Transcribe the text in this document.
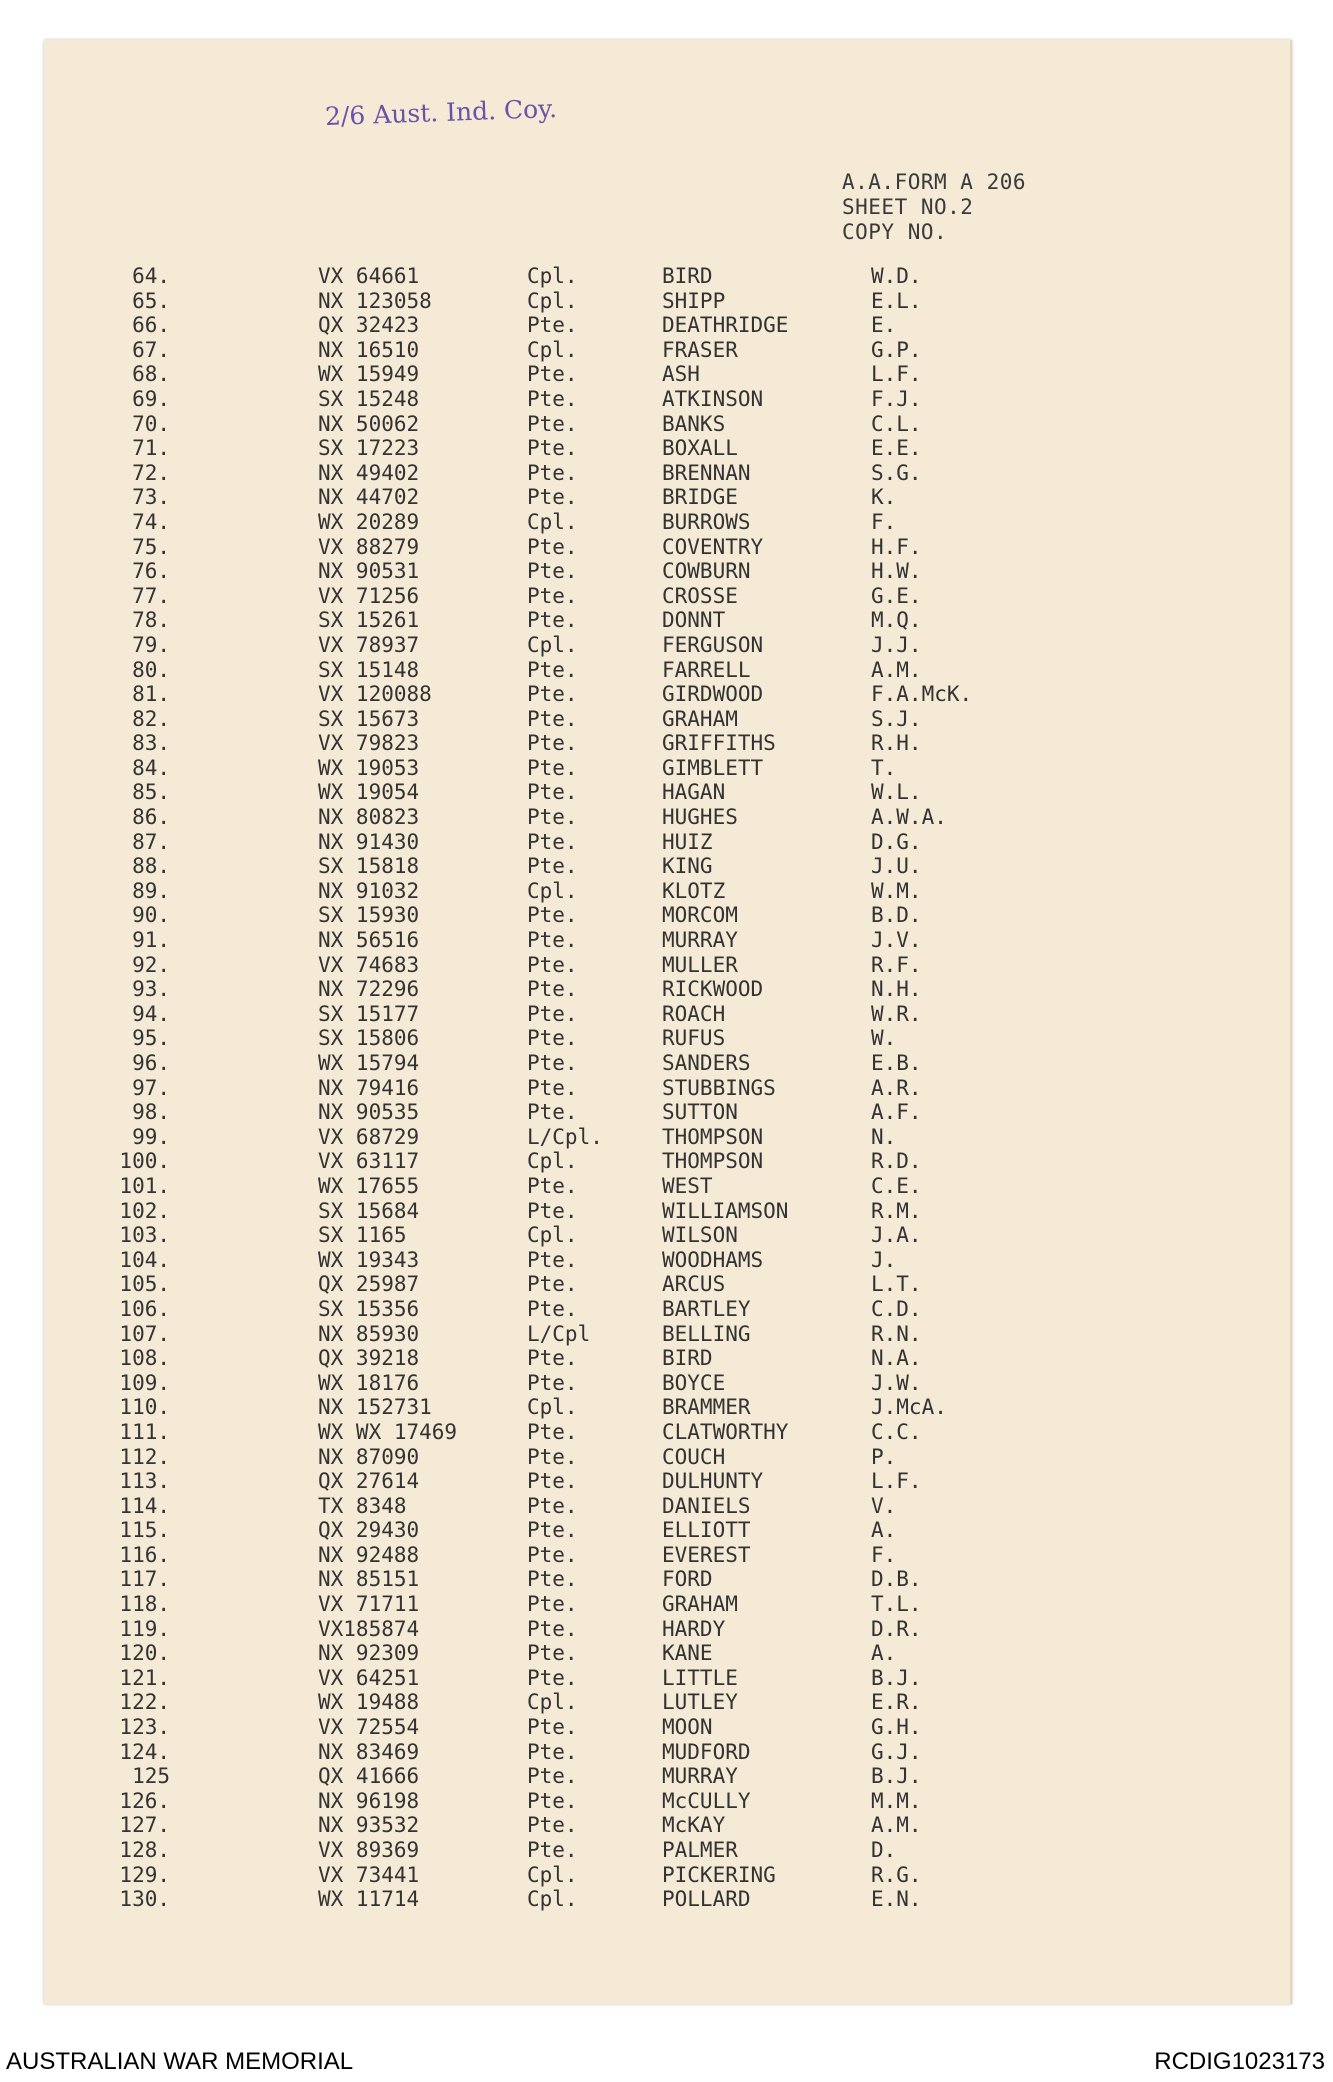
2/6 Aust. Ind. Coy.
A.A.FORM A 206
SHEET NO.2
COPY NO.
64.	VX 64661	Cpl.	BIRD	W.D.
65.	NX 123058	Cpl.	SHIPP	E.L.
66.	QX 32423	Pte.	DEATHRIDGE	E.
67.	NX 16510	Cpl.	FRASER	G.P.
68.	WX 15949	Pte.	ASH	L.F.
69.	SX 15248	Pte.	ATKINSON	F.J.
70.	NX 50062	Pte.	BANKS	C.L.
71.	SX 17223	Pte.	BOXALL	E.E.
72.	NX 49402	Pte.	BRENNAN	S.G.
73.	NX 44702	Pte.	BRIDGE	K.
74.	WX 20289	Cpl.	BURROWS	F.
75.	VX 88279	Pte.	COVENTRY	H.F.
76.	NX 90531	Pte.	COWBURN	H.W.
77.	VX 71256	Pte.	CROSSE	G.E.
78.	SX 15261	Pte.	DONNT	M.Q.
79.	VX 78937	Cpl.	FERGUSON	J.J.
80.	SX 15148	Pte.	FARRELL	A.M.
81.	VX 120088	Pte.	GIRDWOOD	F.A.McK.
82.	SX 15673	Pte.	GRAHAM	S.J.
83.	VX 79823	Pte.	GRIFFITHS	R.H.
84.	WX 19053	Pte.	GIMBLETT	T.
85.	WX 19054	Pte.	HAGAN	W.L.
86.	NX 80823	Pte.	HUGHES	A.W.A.
87.	NX 91430	Pte.	HUIZ	D.G.
88.	SX 15818	Pte.	KING	J.U.
89.	NX 91032	Cpl.	KLOTZ	W.M.
90.	SX 15930	Pte.	MORCOM	B.D.
91.	NX 56516	Pte.	MURRAY	J.V.
92.	VX 74683	Pte.	MULLER	R.F.
93.	NX 72296	Pte.	RICKWOOD	N.H.
94.	SX 15177	Pte.	ROACH	W.R.
95.	SX 15806	Pte.	RUFUS	W.
96.	WX 15794	Pte.	SANDERS	E.B.
97.	NX 79416	Pte.	STUBBINGS	A.R.
98.	NX 90535	Pte.	SUTTON	A.F.
99.	VX 68729	L/Cpl.	THOMPSON	N.
100.	VX 63117	Cpl.	THOMPSON	R.D.
101.	WX 17655	Pte.	WEST	C.E.
102.	SX 15684	Pte.	WILLIAMSON	R.M.
103.	SX 1165	Cpl.	WILSON	J.A.
104.	WX 19343	Pte.	WOODHAMS	J.
105.	QX 25987	Pte.	ARCUS	L.T.
106.	SX 15356	Pte.	BARTLEY	C.D.
107.	NX 85930	L/Cpl	BELLING	R.N.
108.	QX 39218	Pte.	BIRD	N.A.
109.	WX 18176	Pte.	BOYCE	J.W.
110.	NX 152731	Cpl.	BRAMMER	J.McA.
111.	WX WX 17469	Pte.	CLATWORTHY	C.C.
112.	NX 87090	Pte.	COUCH	P.
113.	QX 27614	Pte.	DULHUNTY	L.F.
114.	TX 8348	Pte.	DANIELS	V.
115.	QX 29430	Pte.	ELLIOTT	A.
116.	NX 92488	Pte.	EVEREST	F.
117.	NX 85151	Pte.	FORD	D.B.
118.	VX 71711	Pte.	GRAHAM	T.L.
119.	VX185874	Pte.	HARDY	D.R.
120.	NX 92309	Pte.	KANE	A.
121.	VX 64251	Pte.	LITTLE	B.J.
122.	WX 19488	Cpl.	LUTLEY	E.R.
123.	VX 72554	Pte.	MOON	G.H.
124.	NX 83469	Pte.	MUDFORD	G.J.
125	QX 41666	Pte.	MURRAY	B.J.
126.	NX 96198	Pte.	McCULLY	M.M.
127.	NX 93532	Pte.	McKAY	A.M.
128.	VX 89369	Pte.	PALMER	D.
129.	VX 73441	Cpl.	PICKERING	R.G.
130.	WX 11714	Cpl.	POLLARD	E.N.
AUSTRALIAN WAR MEMORIAL	RCDIG1023173
